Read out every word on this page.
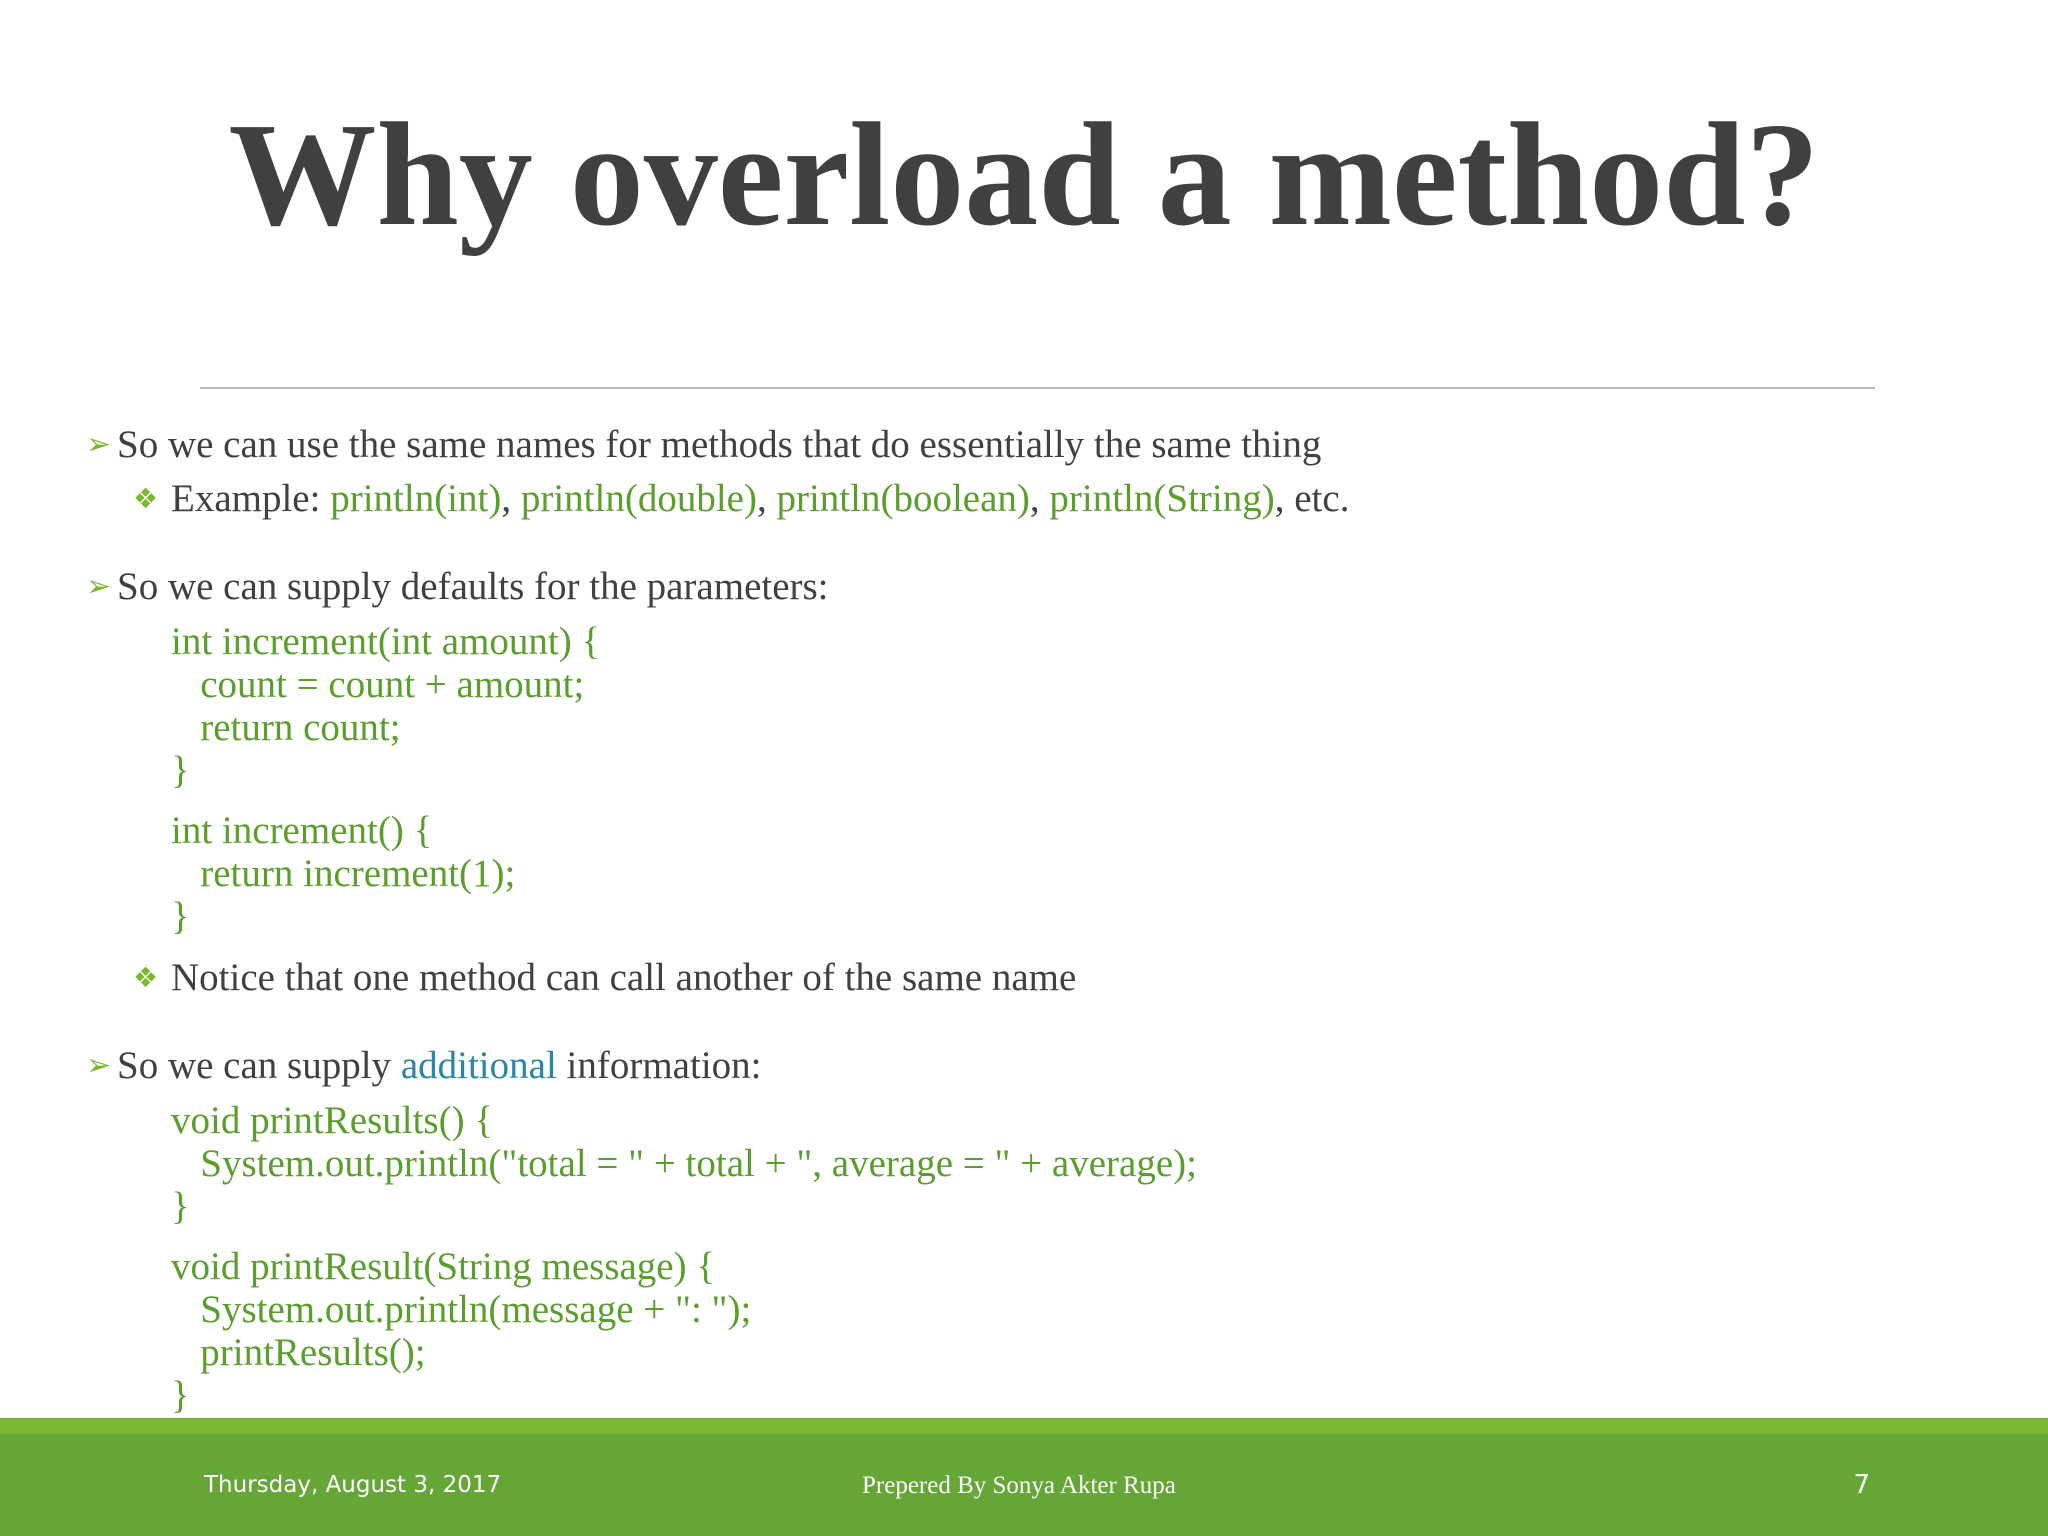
Why overload a method?
➢ So we can use the same names for methods that do essentially the same thing
❖ Example: println(int), println(double), println(boolean), println(String), etc.
➢ So we can supply defaults for the parameters:
int increment(int amount) {
count = count + amount;
return count;
}
int increment() {
return increment(1);
}
❖ Notice that one method can call another of the same name
➢ So we can supply additional information:
void printResults() {
System.out.println("total = " + total + ", average = " + average);
}
void printResult(String message) {
System.out.println(message + ": ");
printResults();
}
Thursday, August 3, 2017	Prepered By Sonya Akter Rupa	7
